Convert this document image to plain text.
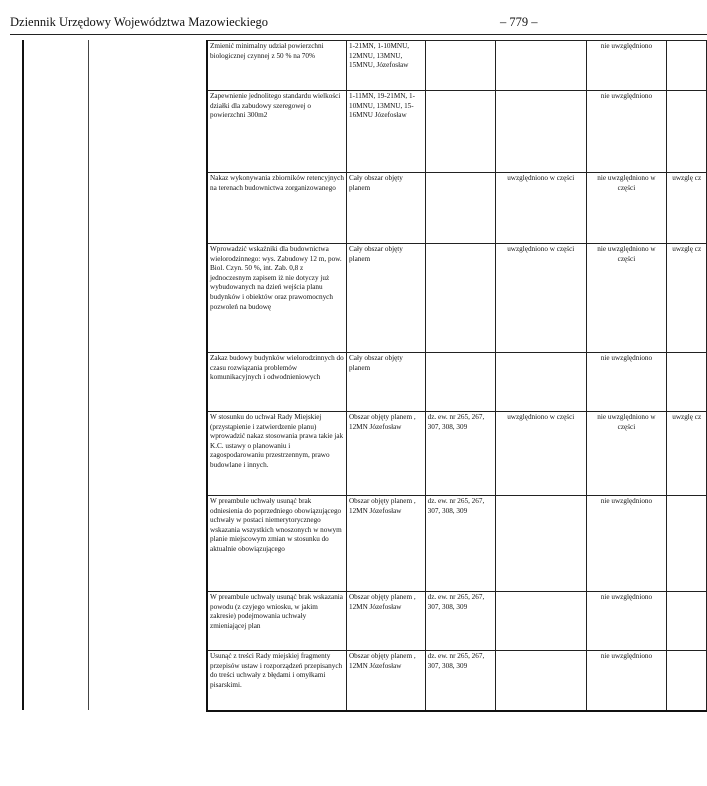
Dziennik Urzędowy Województwa Mazowieckiego	– 779 –
Zmienić minimalny udział powierzchni biologicznej czynnej z 50 % na 70%	1-21MN, 1-10MNU, 12MNU, 13MNU, 15MNU, Józefosław			nie uwzględniono	
Zapewnienie jednolitego standardu wielkości działki dla zabudowy szeregowej o powierzchni 300m2	1-11MN, 19-21MN, 1-10MNU, 13MNU, 15-16MNU Józefosław			nie uwzględniono	
Nakaz wykonywania zbiorników retencyjnych na terenach budownictwa zorganizowanego	Cały obszar objęty planem		uwzględniono w części	nie uwzględniono w części	uwzglę cz
Wprowadzić wskaźniki dla budownictwa wielorodzinnego: wys. Zabudowy 12 m, pow. Biol. Czyn. 50 %, int. Zab. 0,8 z jednoczesnym zapisem iż nie dotyczy już wybudowanych na dzień wejścia planu budynków i obiektów oraz prawomocnych pozwoleń na budowę	Cały obszar objęty planem		uwzględniono w części	nie uwzględniono w części	uwzglę cz
Zakaz budowy budynków wielorodzinnych do czasu rozwiązania problemów komunikacyjnych i odwodnieniowych	Cały obszar objęty planem			nie uwzględniono	
W stosunku do uchwał Rady Miejskiej (przystąpienie i zatwierdzenie planu) wprowadzić nakaz stosowania prawa takie jak K.C. ustawy o planowaniu i zagospodarowaniu przestrzennym, prawo budowlane i innych.	Obszar objęty planem , 12MN Józefosław	dz. ew. nr 265, 267, 307, 308, 309	uwzględniono w części	nie uwzględniono w części	uwzglę cz
W preambule uchwały usunąć brak odniesienia do poprzedniego obowiązującego uchwały w postaci niemerytorycznego wskazania wszystkich wnoszonych w nowym planie miejscowym zmian w stosunku do aktualnie obowiązującego	Obszar objęty planem , 12MN Józefosław	dz. ew. nr 265, 267, 307, 308, 309		nie uwzględniono	
W preambule uchwały usunąć brak wskazania powodu (z czyjego wniosku, w jakim zakresie) podejmowania uchwały zmieniającej plan	Obszar objęty planem , 12MN Józefosław	dz. ew. nr 265, 267, 307, 308, 309		nie uwzględniono	
Usunąć z treści Rady miejskiej fragmenty przepisów ustaw i rozporządzeń przepisanych do treści uchwały z błędami i omyłkami pisarskimi.	Obszar objęty planem , 12MN Józefosław	dz. ew. nr 265, 267, 307, 308, 309		nie uwzględniono	
